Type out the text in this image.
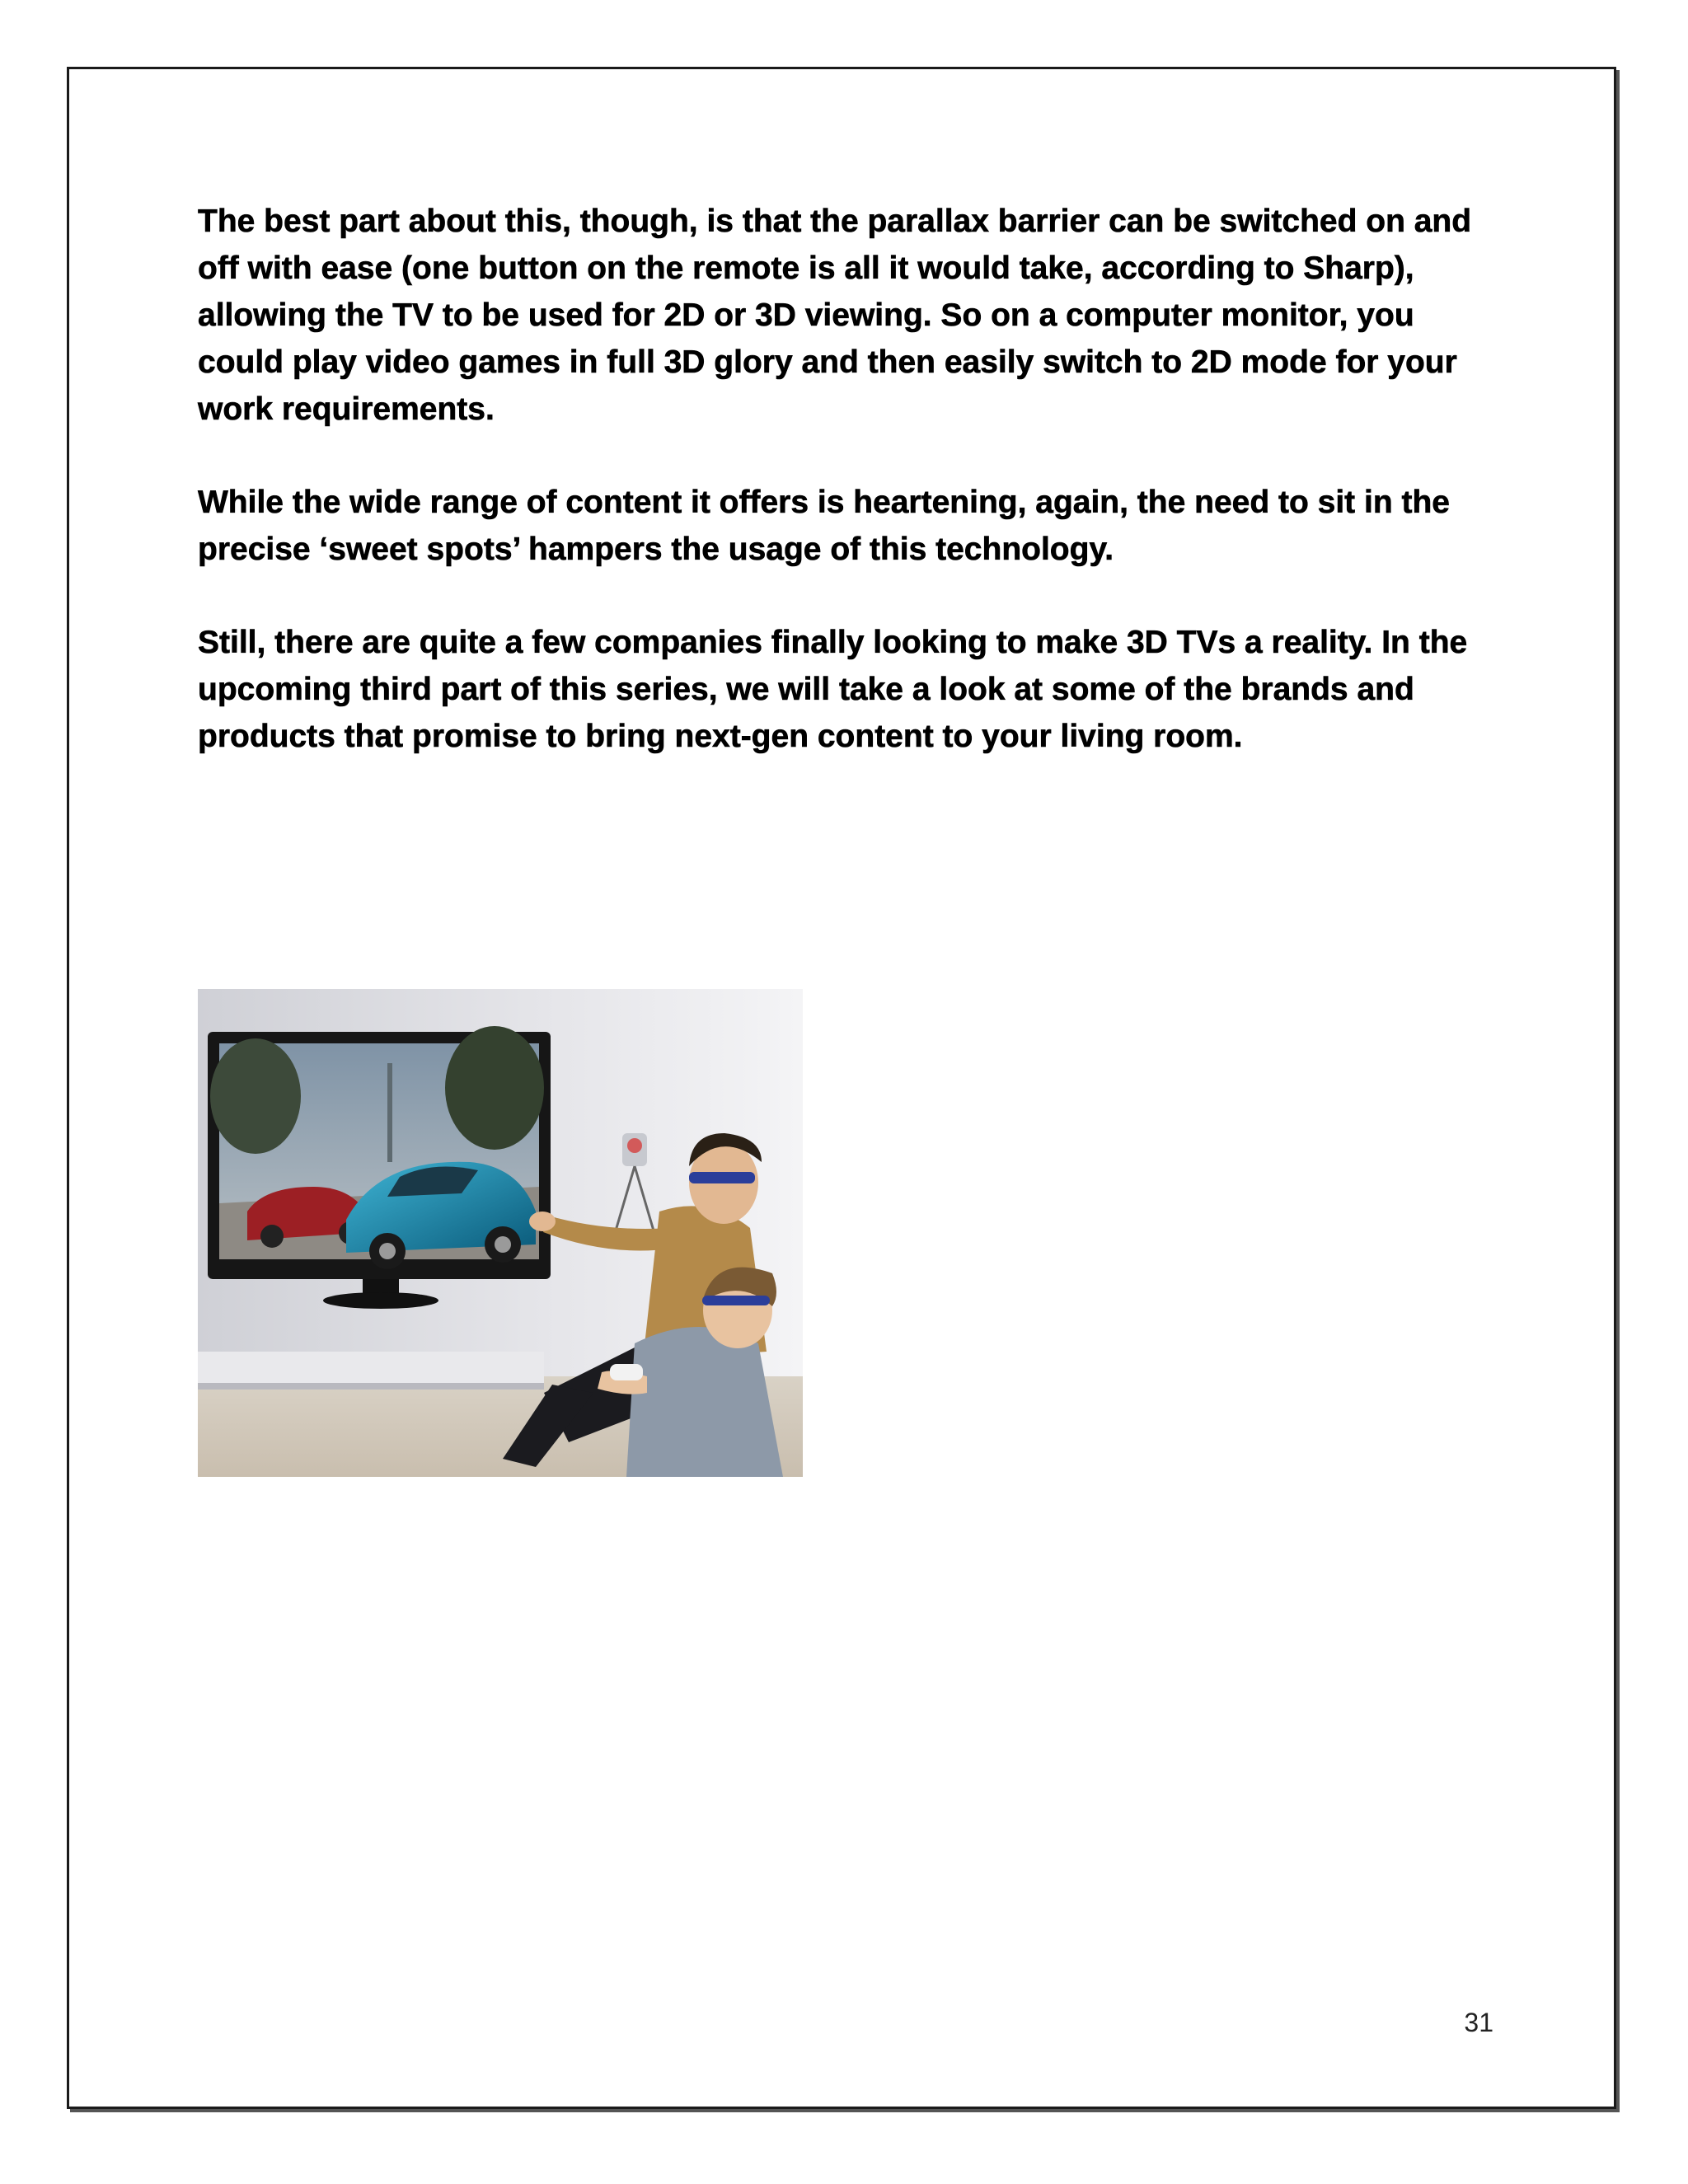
The best part about this, though, is that the parallax barrier can be switched on and off with ease (one button on the remote is all it would take, according to Sharp), allowing the TV to be used for 2D or 3D viewing. So on a computer monitor, you could play video games in full 3D glory and then easily switch to 2D mode for your work requirements.

While the wide range of content it offers is heartening, again, the need to sit in the precise ‘sweet spots’ hampers the usage of this technology.

Still, there are quite a few companies finally looking to make 3D TVs a reality. In the upcoming third part of this series, we will take a look at some of the brands and products that promise to bring next-gen content to your living room.

31
